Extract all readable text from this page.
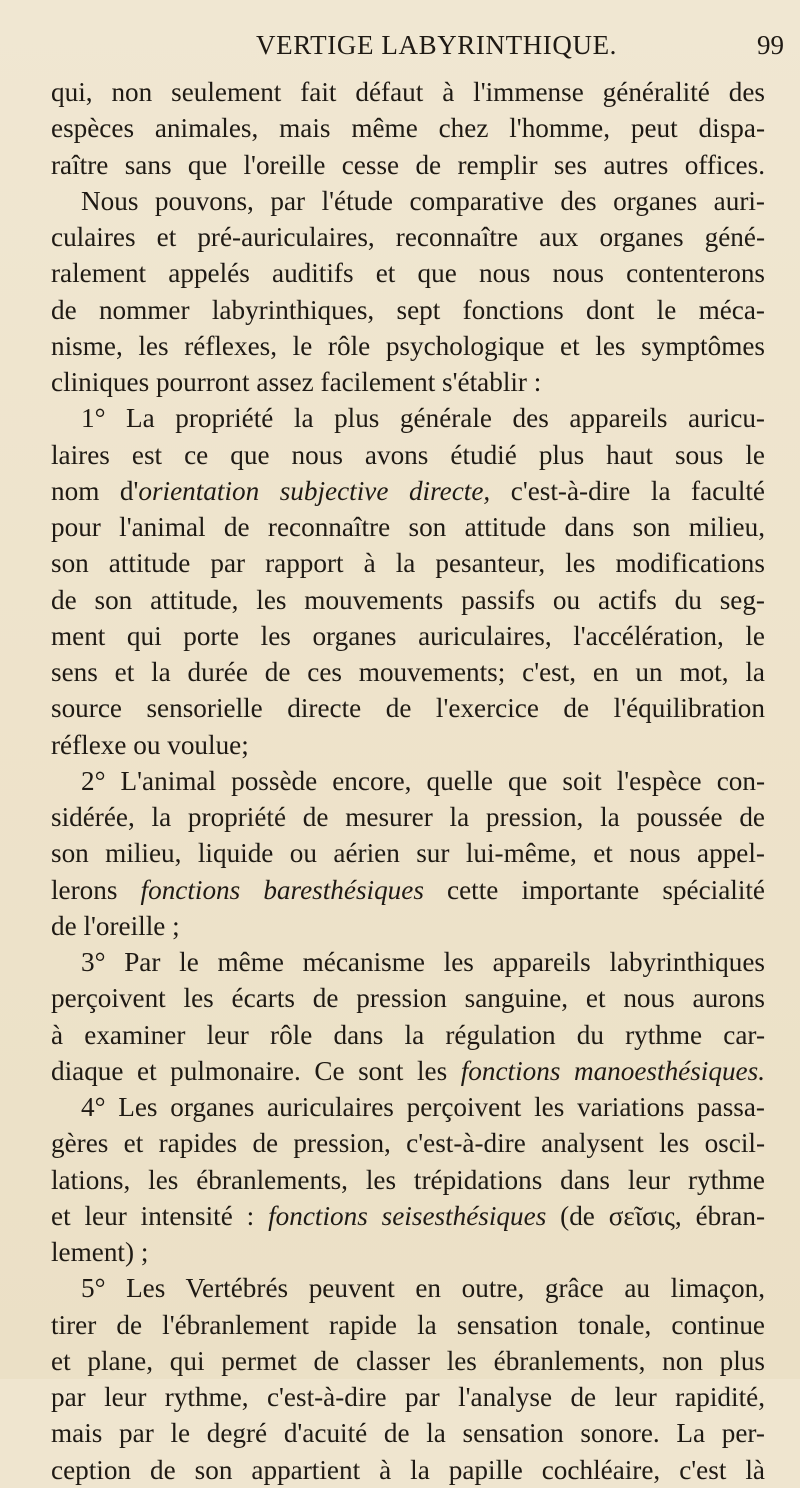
VERTIGE LABYRINTHIQUE.	99
qui, non seulement fait défaut à l'immense généralité des
espèces animales, mais même chez l'homme, peut dispa-
raître sans que l'oreille cesse de remplir ses autres offices.
Nous pouvons, par l'étude comparative des organes auri-
culaires et pré-auriculaires, reconnaître aux organes géné-
ralement appelés auditifs et que nous nous contenterons
de nommer labyrinthiques, sept fonctions dont le méca-
nisme, les réflexes, le rôle psychologique et les symptômes
cliniques pourront assez facilement s'établir :
1° La propriété la plus générale des appareils auricu-
laires est ce que nous avons étudié plus haut sous le
nom d'orientation subjective directe, c'est-à-dire la faculté
pour l'animal de reconnaître son attitude dans son milieu,
son attitude par rapport à la pesanteur, les modifications
de son attitude, les mouvements passifs ou actifs du seg-
ment qui porte les organes auriculaires, l'accélération, le
sens et la durée de ces mouvements; c'est, en un mot, la
source sensorielle directe de l'exercice de l'équilibration
réflexe ou voulue;
2° L'animal possède encore, quelle que soit l'espèce con-
sidérée, la propriété de mesurer la pression, la poussée de
son milieu, liquide ou aérien sur lui-même, et nous appel-
lerons fonctions baresthésiques cette importante spécialité
de l'oreille ;
3° Par le même mécanisme les appareils labyrinthiques
perçoivent les écarts de pression sanguine, et nous aurons
à examiner leur rôle dans la régulation du rythme car-
diaque et pulmonaire. Ce sont les fonctions manoesthésiques.
4° Les organes auriculaires perçoivent les variations passa-
gères et rapides de pression, c'est-à-dire analysent les oscil-
lations, les ébranlements, les trépidations dans leur rythme
et leur intensité : fonctions seisesthésiques (de σεῖσις, ébran-
lement) ;
5° Les Vertébrés peuvent en outre, grâce au limaçon,
tirer de l'ébranlement rapide la sensation tonale, continue
et plane, qui permet de classer les ébranlements, non plus
par leur rythme, c'est-à-dire par l'analyse de leur rapidité,
mais par le degré d'acuité de la sensation sonore. La per-
ception de son appartient à la papille cochléaire, c'est là
